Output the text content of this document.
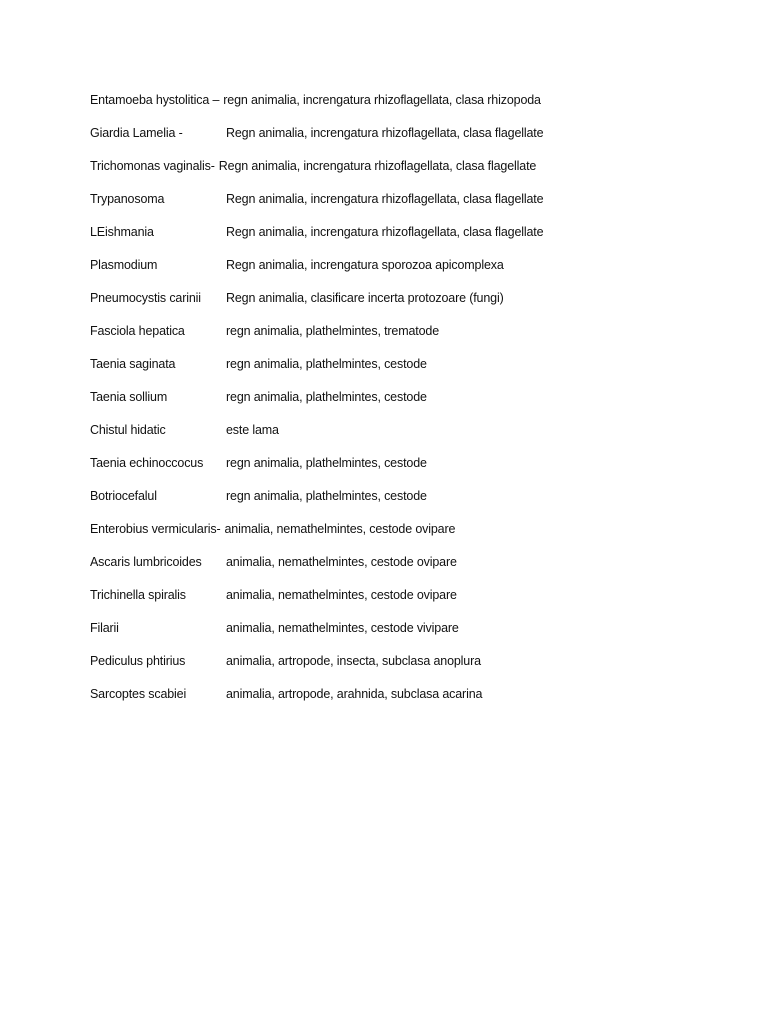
Entamoeba hystolitica – regn animalia, increngatura rhizoflagellata, clasa rhizopoda
Giardia Lamelia -	Regn animalia, increngatura rhizoflagellata, clasa flagellate
Trichomonas vaginalis- Regn animalia, increngatura rhizoflagellata, clasa flagellate
Trypanosoma	Regn animalia, increngatura rhizoflagellata, clasa flagellate
LEishmania	Regn animalia, increngatura rhizoflagellata, clasa flagellate
Plasmodium	Regn animalia, increngatura sporozoa apicomplexa
Pneumocystis carinii	Regn animalia, clasificare incerta protozoare (fungi)
Fasciola hepatica	regn animalia, plathelmintes, trematode
Taenia saginata	regn animalia, plathelmintes, cestode
Taenia sollium	regn animalia, plathelmintes, cestode
Chistul hidatic	este lama
Taenia echinoccocus	regn animalia, plathelmintes, cestode
Botriocefalul	regn animalia, plathelmintes, cestode
Enterobius vermicularis- animalia, nemathelmintes, cestode ovipare
Ascaris lumbricoides	animalia, nemathelmintes, cestode ovipare
Trichinella spiralis	animalia, nemathelmintes, cestode ovipare
Filarii	animalia, nemathelmintes, cestode vivipare
Pediculus phtirius	animalia, artropode, insecta, subclasa anoplura
Sarcoptes scabiei	animalia, artropode, arahnida, subclasa acarina
